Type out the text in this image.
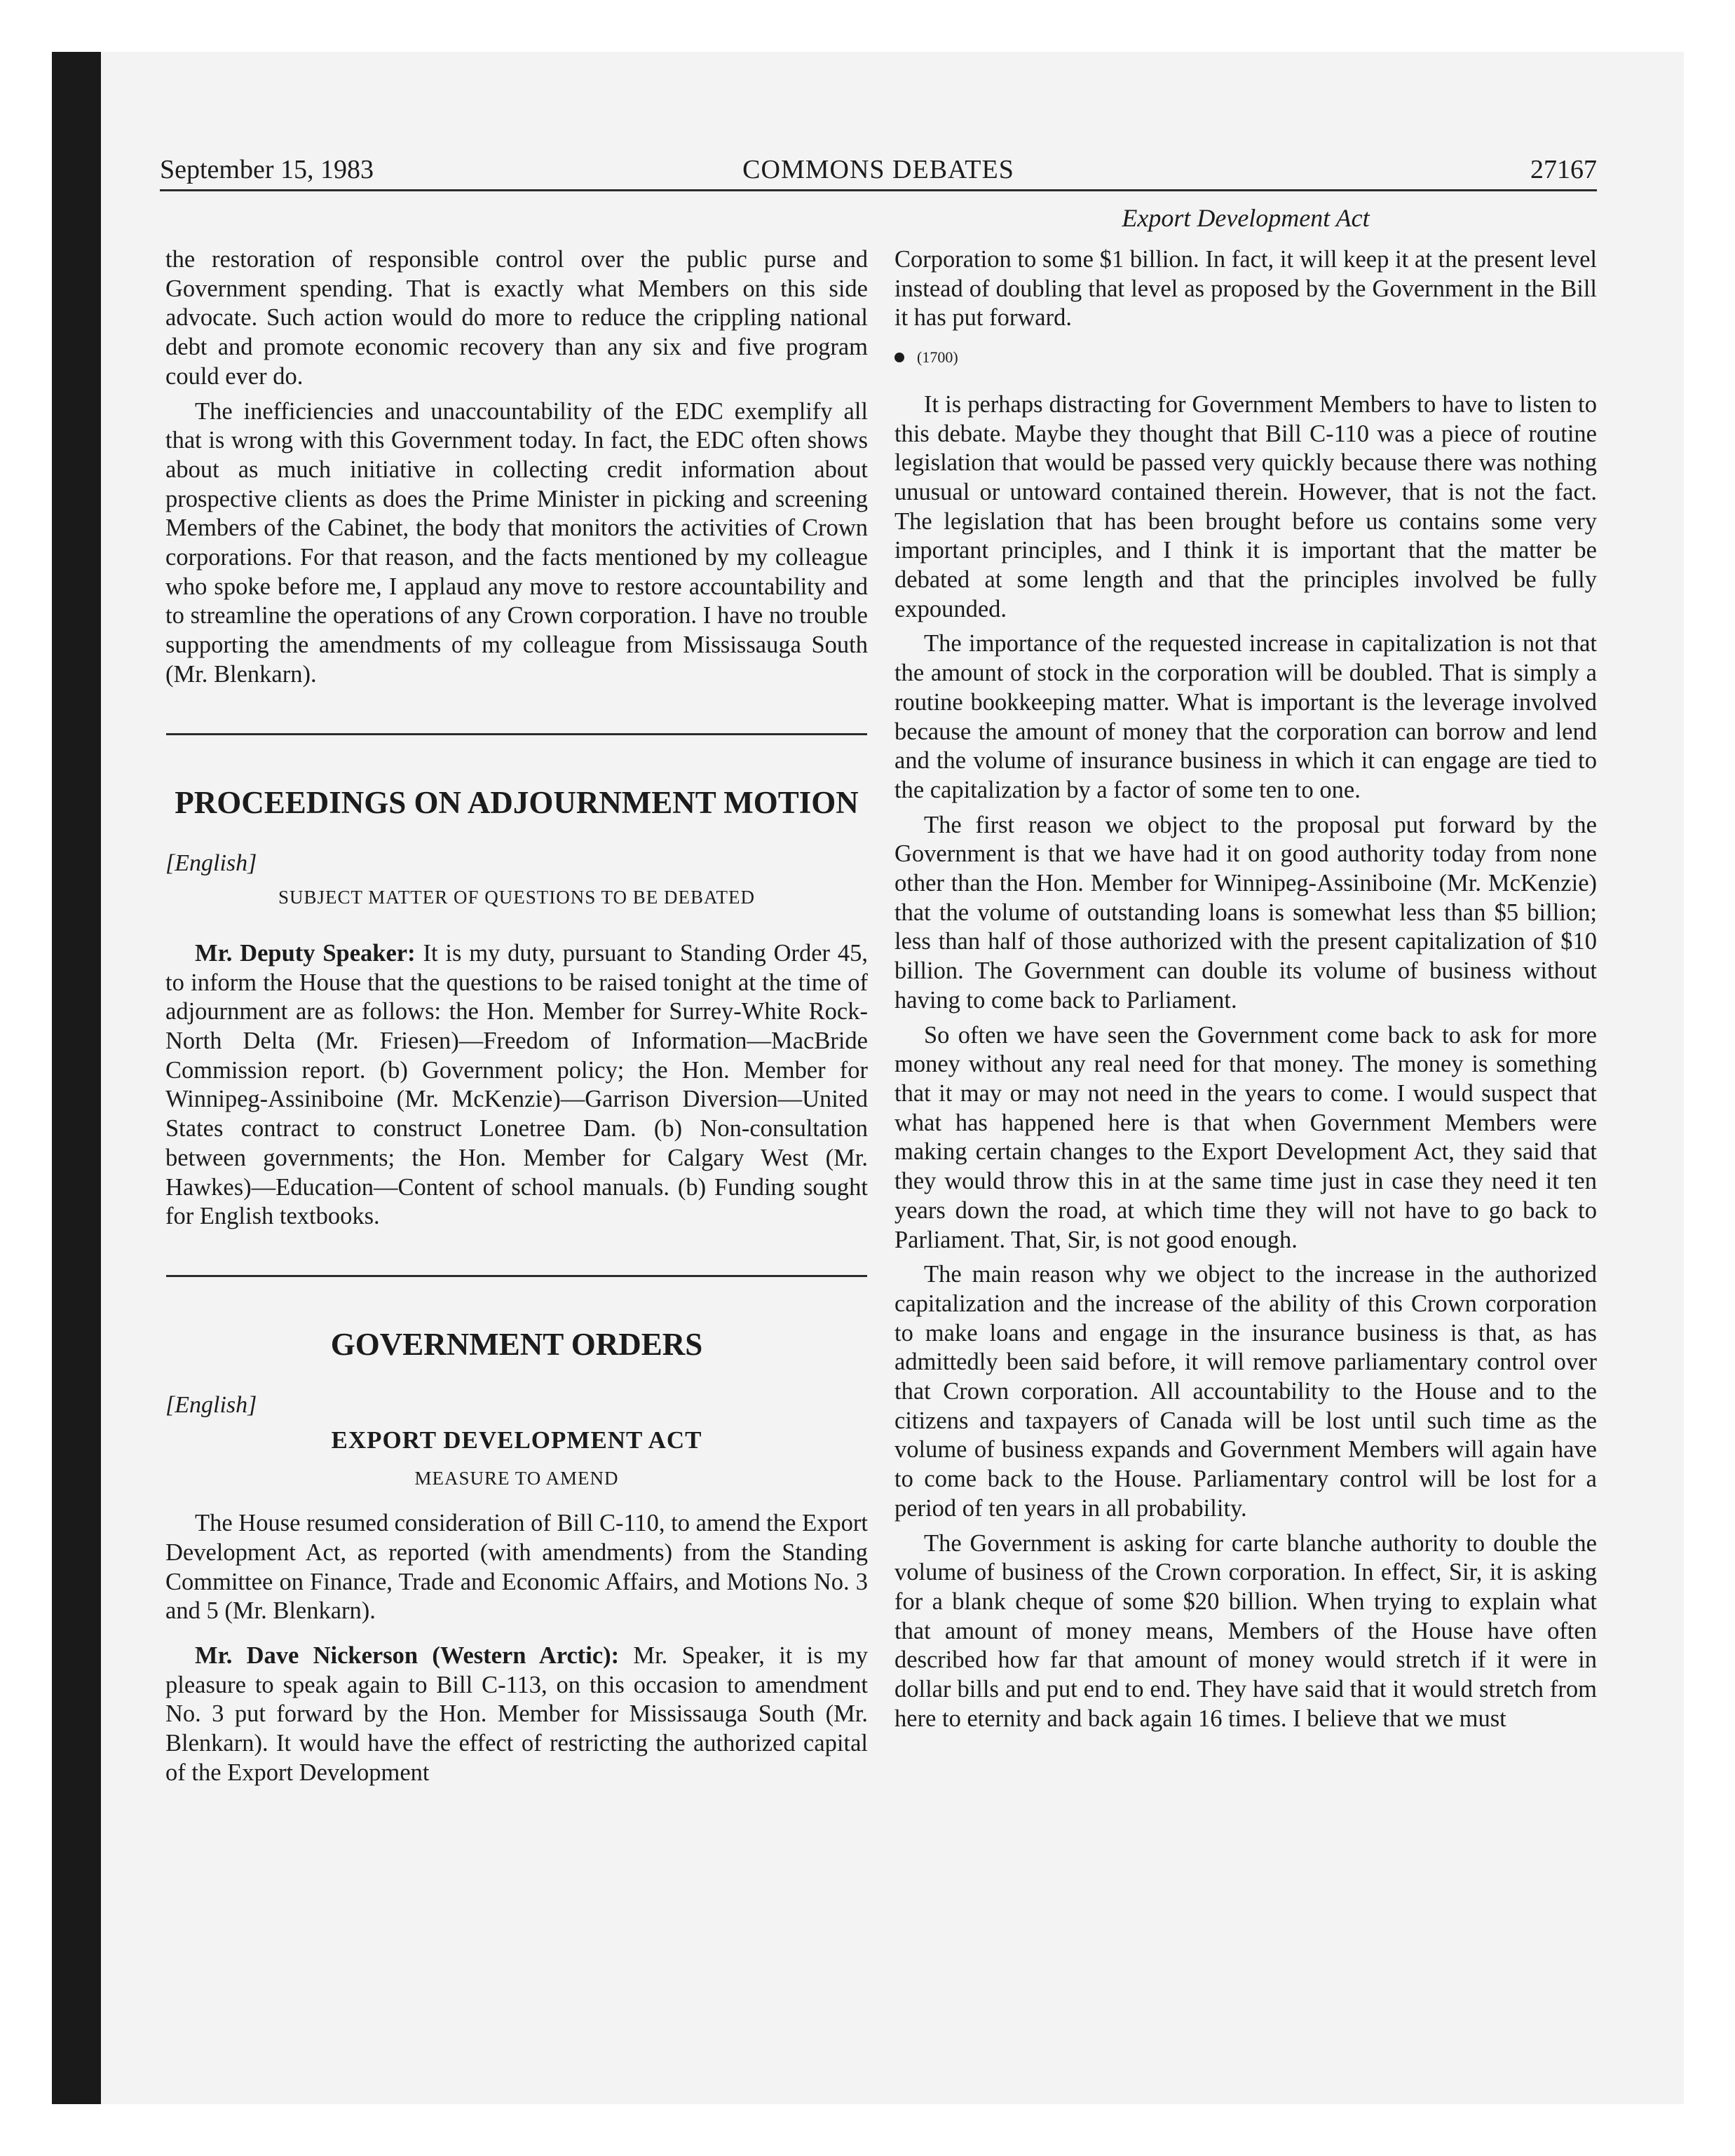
September 15, 1983	COMMONS DEBATES	27167
Export Development Act

the restoration of responsible control over the public purse and Government spending. That is exactly what Members on this side advocate. Such action would do more to reduce the crippling national debt and promote economic recovery than any six and five program could ever do.

The inefficiencies and unaccountability of the EDC exemplify all that is wrong with this Government today. In fact, the EDC often shows about as much initiative in collecting credit information about prospective clients as does the Prime Minister in picking and screening Members of the Cabinet, the body that monitors the activities of Crown corporations. For that reason, and the facts mentioned by my colleague who spoke before me, I applaud any move to restore accountability and to streamline the operations of any Crown corporation. I have no trouble supporting the amendments of my colleague from Mississauga South (Mr. Blenkarn).

PROCEEDINGS ON ADJOURNMENT MOTION

[English]

SUBJECT MATTER OF QUESTIONS TO BE DEBATED

Mr. Deputy Speaker: It is my duty, pursuant to Standing Order 45, to inform the House that the questions to be raised tonight at the time of adjournment are as follows: the Hon. Member for Surrey-White Rock-North Delta (Mr. Friesen)—Freedom of Information—MacBride Commission report. (b) Government policy; the Hon. Member for Winnipeg-Assiniboine (Mr. McKenzie)—Garrison Diversion—United States contract to construct Lonetree Dam. (b) Non-consultation between governments; the Hon. Member for Calgary West (Mr. Hawkes)—Education—Content of school manuals. (b) Funding sought for English textbooks.

GOVERNMENT ORDERS

[English]

EXPORT DEVELOPMENT ACT
MEASURE TO AMEND

The House resumed consideration of Bill C-110, to amend the Export Development Act, as reported (with amendments) from the Standing Committee on Finance, Trade and Economic Affairs, and Motions No. 3 and 5 (Mr. Blenkarn).

Mr. Dave Nickerson (Western Arctic): Mr. Speaker, it is my pleasure to speak again to Bill C-113, on this occasion to amendment No. 3 put forward by the Hon. Member for Mississauga South (Mr. Blenkarn). It would have the effect of restricting the authorized capital of the Export Development

Corporation to some $1 billion. In fact, it will keep it at the present level instead of doubling that level as proposed by the Government in the Bill it has put forward.

(1700)

It is perhaps distracting for Government Members to have to listen to this debate. Maybe they thought that Bill C-110 was a piece of routine legislation that would be passed very quickly because there was nothing unusual or untoward contained therein. However, that is not the fact. The legislation that has been brought before us contains some very important principles, and I think it is important that the matter be debated at some length and that the principles involved be fully expounded.

The importance of the requested increase in capitalization is not that the amount of stock in the corporation will be doubled. That is simply a routine bookkeeping matter. What is important is the leverage involved because the amount of money that the corporation can borrow and lend and the volume of insurance business in which it can engage are tied to the capitalization by a factor of some ten to one.

The first reason we object to the proposal put forward by the Government is that we have had it on good authority today from none other than the Hon. Member for Winnipeg-Assiniboine (Mr. McKenzie) that the volume of outstanding loans is somewhat less than $5 billion; less than half of those authorized with the present capitalization of $10 billion. The Government can double its volume of business without having to come back to Parliament.

So often we have seen the Government come back to ask for more money without any real need for that money. The money is something that it may or may not need in the years to come. I would suspect that what has happened here is that when Government Members were making certain changes to the Export Development Act, they said that they would throw this in at the same time just in case they need it ten years down the road, at which time they will not have to go back to Parliament. That, Sir, is not good enough.

The main reason why we object to the increase in the authorized capitalization and the increase of the ability of this Crown corporation to make loans and engage in the insurance business is that, as has admittedly been said before, it will remove parliamentary control over that Crown corporation. All accountability to the House and to the citizens and taxpayers of Canada will be lost until such time as the volume of business expands and Government Members will again have to come back to the House. Parliamentary control will be lost for a period of ten years in all probability.

The Government is asking for carte blanche authority to double the volume of business of the Crown corporation. In effect, Sir, it is asking for a blank cheque of some $20 billion. When trying to explain what that amount of money means, Members of the House have often described how far that amount of money would stretch if it were in dollar bills and put end to end. They have said that it would stretch from here to eternity and back again 16 times. I believe that we must
